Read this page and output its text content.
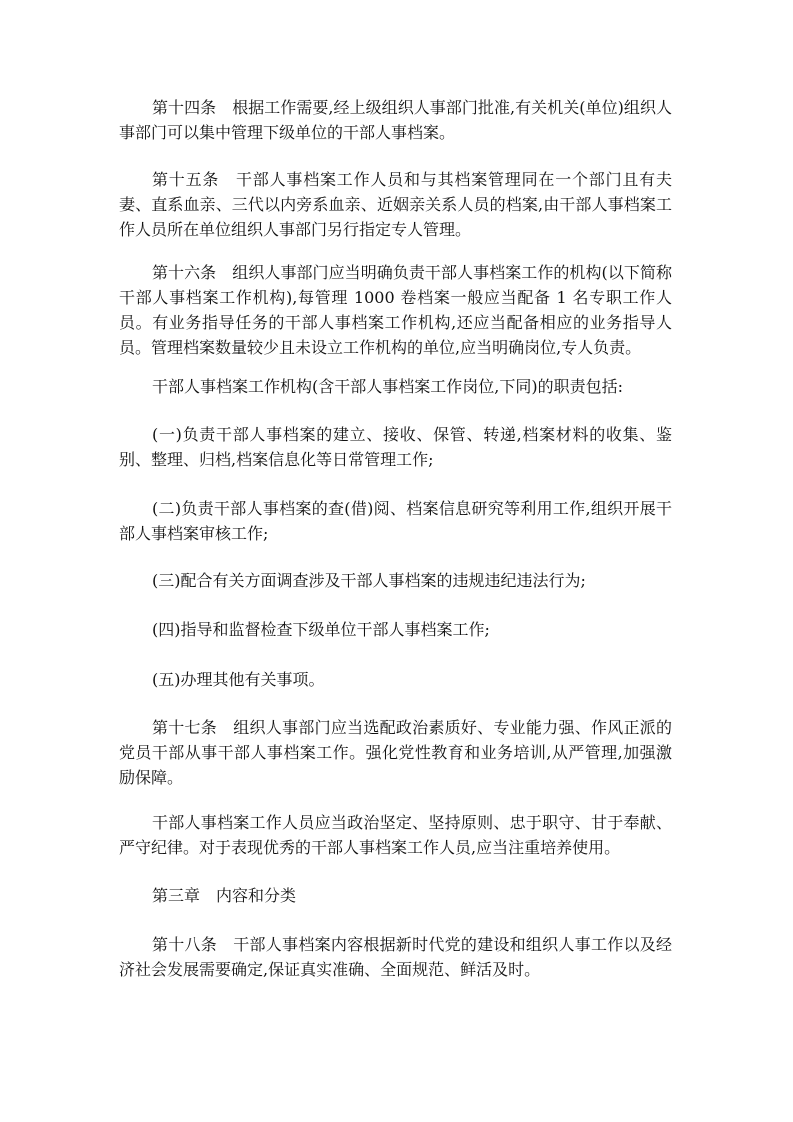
第十四条　根据工作需要,经上级组织人事部门批准,有关机关(单位)组织人事部门可以集中管理下级单位的干部人事档案。

第十五条　干部人事档案工作人员和与其档案管理同在一个部门且有夫妻、直系血亲、三代以内旁系血亲、近姻亲关系人员的档案,由干部人事档案工作人员所在单位组织人事部门另行指定专人管理。

第十六条　组织人事部门应当明确负责干部人事档案工作的机构(以下简称干部人事档案工作机构),每管理 1000 卷档案一般应当配备 1 名专职工作人员。有业务指导任务的干部人事档案工作机构,还应当配备相应的业务指导人员。管理档案数量较少且未设立工作机构的单位,应当明确岗位,专人负责。

干部人事档案工作机构(含干部人事档案工作岗位,下同)的职责包括:

(一)负责干部人事档案的建立、接收、保管、转递,档案材料的收集、鉴别、整理、归档,档案信息化等日常管理工作;

(二)负责干部人事档案的查(借)阅、档案信息研究等利用工作,组织开展干部人事档案审核工作;

(三)配合有关方面调查涉及干部人事档案的违规违纪违法行为;

(四)指导和监督检查下级单位干部人事档案工作;

(五)办理其他有关事项。

第十七条　组织人事部门应当选配政治素质好、专业能力强、作风正派的党员干部从事干部人事档案工作。强化党性教育和业务培训,从严管理,加强激励保障。

干部人事档案工作人员应当政治坚定、坚持原则、忠于职守、甘于奉献、严守纪律。对于表现优秀的干部人事档案工作人员,应当注重培养使用。

第三章　内容和分类

第十八条　干部人事档案内容根据新时代党的建设和组织人事工作以及经济社会发展需要确定,保证真实准确、全面规范、鲜活及时。
